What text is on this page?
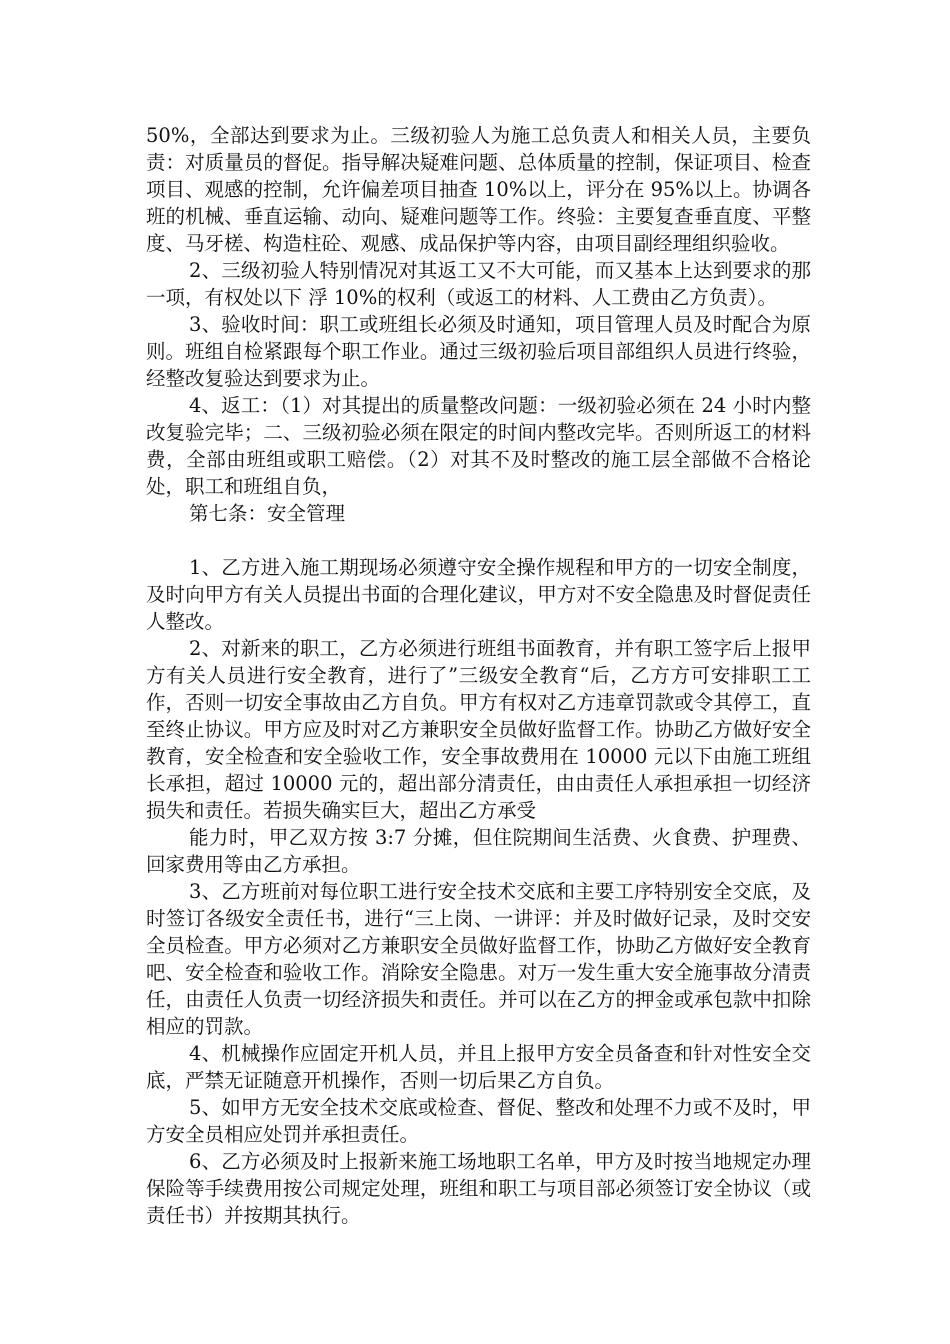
50%，全部达到要求为止。三级初验人为施工总负责人和相关人员，主要负责：对质量员的督促。指导解决疑难问题、总体质量的控制，保证项目、检查项目、观感的控制，允许偏差项目抽查 10%以上，评分在 95%以上。协调各班的机械、垂直运输、动向、疑难问题等工作。终验：主要复查垂直度、平整度、马牙槎、构造柱砼、观感、成品保护等内容，由项目副经理组织验收。

2、三级初验人特别情况对其返工又不大可能，而又基本上达到要求的那一项，有权处以下 浮 10%的权利（或返工的材料、人工费由乙方负责）。

3、验收时间：职工或班组长必须及时通知，项目管理人员及时配合为原则。班组自检紧跟每个职工作业。通过三级初验后项目部组织人员进行终验，经整改复验达到要求为止。

4、返工：（1）对其提出的质量整改问题：一级初验必须在 24 小时内整改复验完毕；二、三级初验必须在限定的时间内整改完毕。否则所返工的材料费，全部由班组或职工赔偿。（2）对其不及时整改的施工层全部做不合格论处，职工和班组自负，

第七条：安全管理

1、乙方进入施工期现场必须遵守安全操作规程和甲方的一切安全制度，及时向甲方有关人员提出书面的合理化建议，甲方对不安全隐患及时督促责任人整改。

2、对新来的职工，乙方必须进行班组书面教育，并有职工签字后上报甲方有关人员进行安全教育，进行了”三级安全教育“后，乙方方可安排职工工作，否则一切安全事故由乙方自负。甲方有权对乙方违章罚款或令其停工，直至终止协议。甲方应及时对乙方兼职安全员做好监督工作。协助乙方做好安全教育，安全检查和安全验收工作，安全事故费用在 10000 元以下由施工班组长承担，超过 10000 元的，超出部分清责任，由由责任人承担承担一切经济损失和责任。若损失确实巨大，超出乙方承受

能力时，甲乙双方按 3:7 分摊，但住院期间生活费、火食费、护理费、回家费用等由乙方承担。

3、乙方班前对每位职工进行安全技术交底和主要工序特别安全交底，及时签订各级安全责任书，进行“三上岗、一讲评：并及时做好记录，及时交安全员检查。甲方必须对乙方兼职安全员做好监督工作，协助乙方做好安全教育吧、安全检查和验收工作。消除安全隐患。对万一发生重大安全施事故分清责任，由责任人负责一切经济损失和责任。并可以在乙方的押金或承包款中扣除相应的罚款。

4、机械操作应固定开机人员，并且上报甲方安全员备查和针对性安全交底，严禁无证随意开机操作，否则一切后果乙方自负。

5、如甲方无安全技术交底或检查、督促、整改和处理不力或不及时，甲方安全员相应处罚并承担责任。

6、乙方必须及时上报新来施工场地职工名单，甲方及时按当地规定办理保险等手续费用按公司规定处理，班组和职工与项目部必须签订安全协议（或责任书）并按期其执行。
